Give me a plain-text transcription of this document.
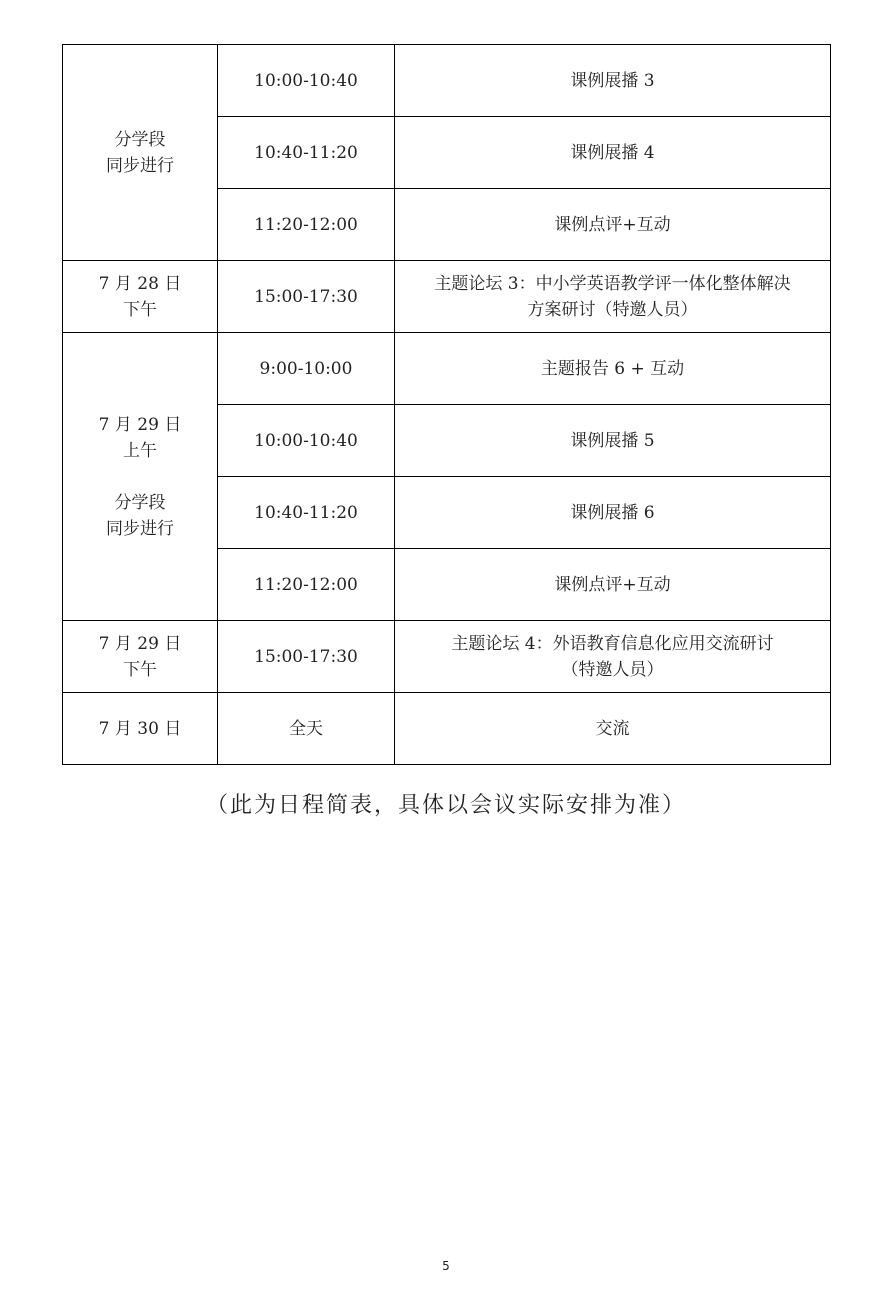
分学段
同步进行	10:00-10:40	课例展播 3

	10:40-11:20	课例展播 4

	11:20-12:00	课例点评+互动

7 月 28 日
下午	15:00-17:30	主题论坛 3：中小学英语教学评一体化整体解决
方案研讨（特邀人员）

7 月 29 日
上午
分学段
同步进行	9:00-10:00	主题报告 6 + 互动

	10:00-10:40	课例展播 5

	10:40-11:20	课例展播 6

	11:20-12:00	课例点评+互动

7 月 29 日
下午	15:00-17:30	主题论坛 4：外语教育信息化应用交流研讨
（特邀人员）

7 月 30 日	全天	交流
（此为日程简表，具体以会议实际安排为准）
5
